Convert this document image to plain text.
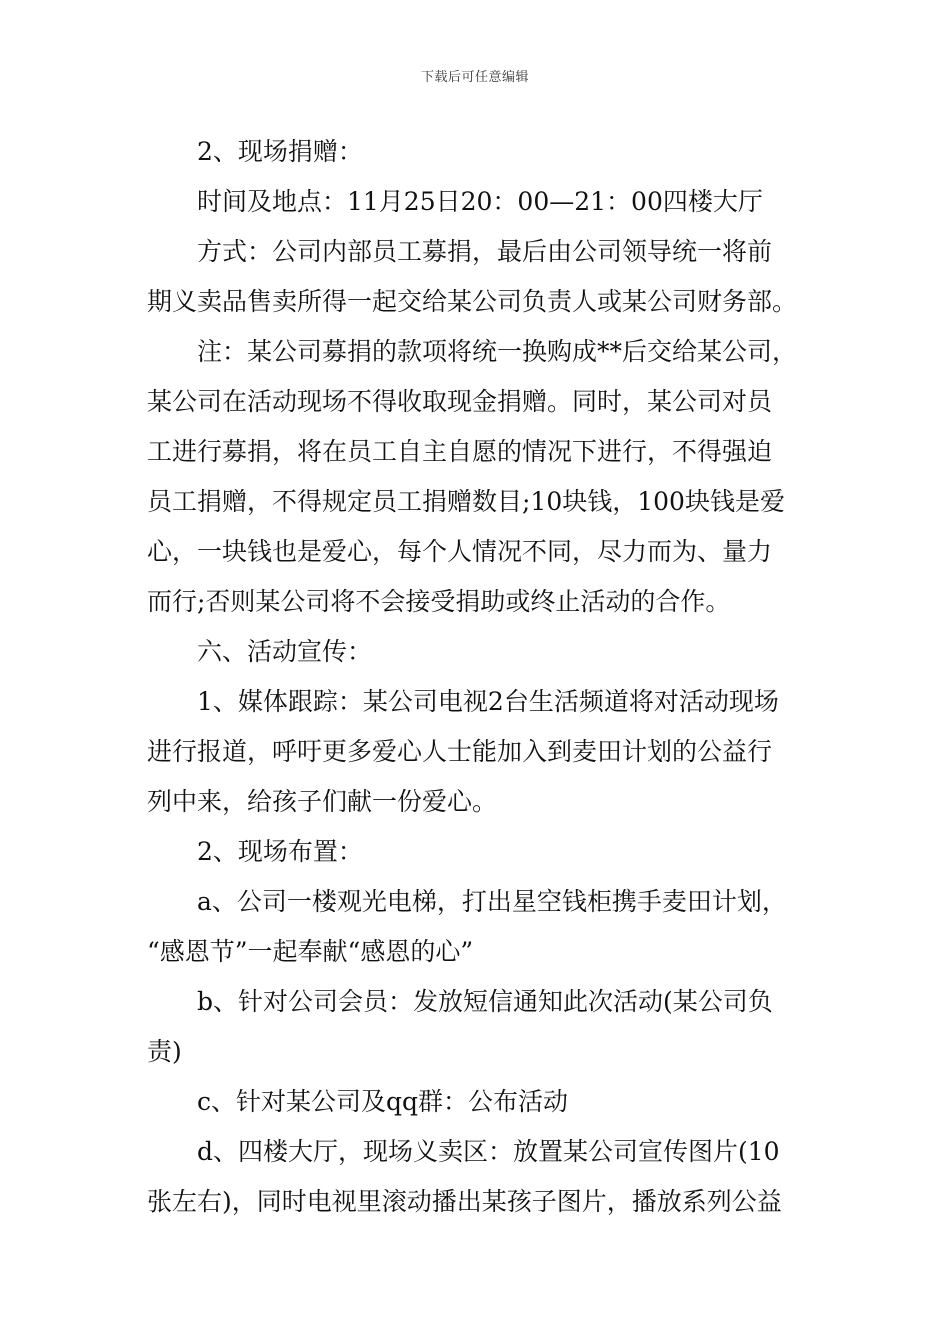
下载后可任意编辑
2、现场捐赠：
时间及地点：11月25日20：00—21：00四楼大厅
方式：公司内部员工募捐，最后由公司领导统一将前
期义卖品售卖所得一起交给某公司负责人或某公司财务部。
注：某公司募捐的款项将统一换购成**后交给某公司，
某公司在活动现场不得收取现金捐赠。同时，某公司对员
工进行募捐，将在员工自主自愿的情况下进行，不得强迫
员工捐赠，不得规定员工捐赠数目;10块钱，100块钱是爱
心，一块钱也是爱心，每个人情况不同，尽力而为、量力
而行;否则某公司将不会接受捐助或终止活动的合作。
六、活动宣传：
1、媒体跟踪：某公司电视2台生活频道将对活动现场
进行报道，呼吁更多爱心人士能加入到麦田计划的公益行
列中来，给孩子们献一份爱心。
2、现场布置：
a、公司一楼观光电梯，打出星空钱柜携手麦田计划，
“感恩节”一起奉献“感恩的心”
b、针对公司会员：发放短信通知此次活动(某公司负
责)
c、针对某公司及qq群：公布活动
d、四楼大厅，现场义卖区：放置某公司宣传图片(10
张左右)，同时电视里滚动播出某孩子图片，播放系列公益
